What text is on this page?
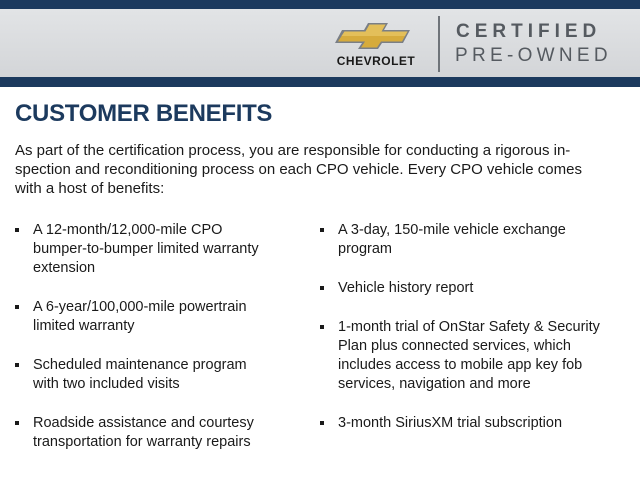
CHEVROLET
CERTIFIED
PRE-OWNED
CUSTOMER BENEFITS

As part of the certification process, you are responsible for conducting a rigorous in-
spection and reconditioning process on each CPO vehicle. Every CPO vehicle comes
with a host of benefits:

A 12-month/12,000-mile CPO
bumper-to-bumper limited warranty
extension
A 6-year/100,000-mile powertrain
limited warranty
Scheduled maintenance program
with two included visits
Roadside assistance and courtesy
transportation for warranty repairs
A 3-day, 150-mile vehicle exchange
program
Vehicle history report
1-month trial of OnStar Safety & Security
Plan plus connected services, which
includes access to mobile app key fob
services, navigation and more
3-month SiriusXM trial subscription
